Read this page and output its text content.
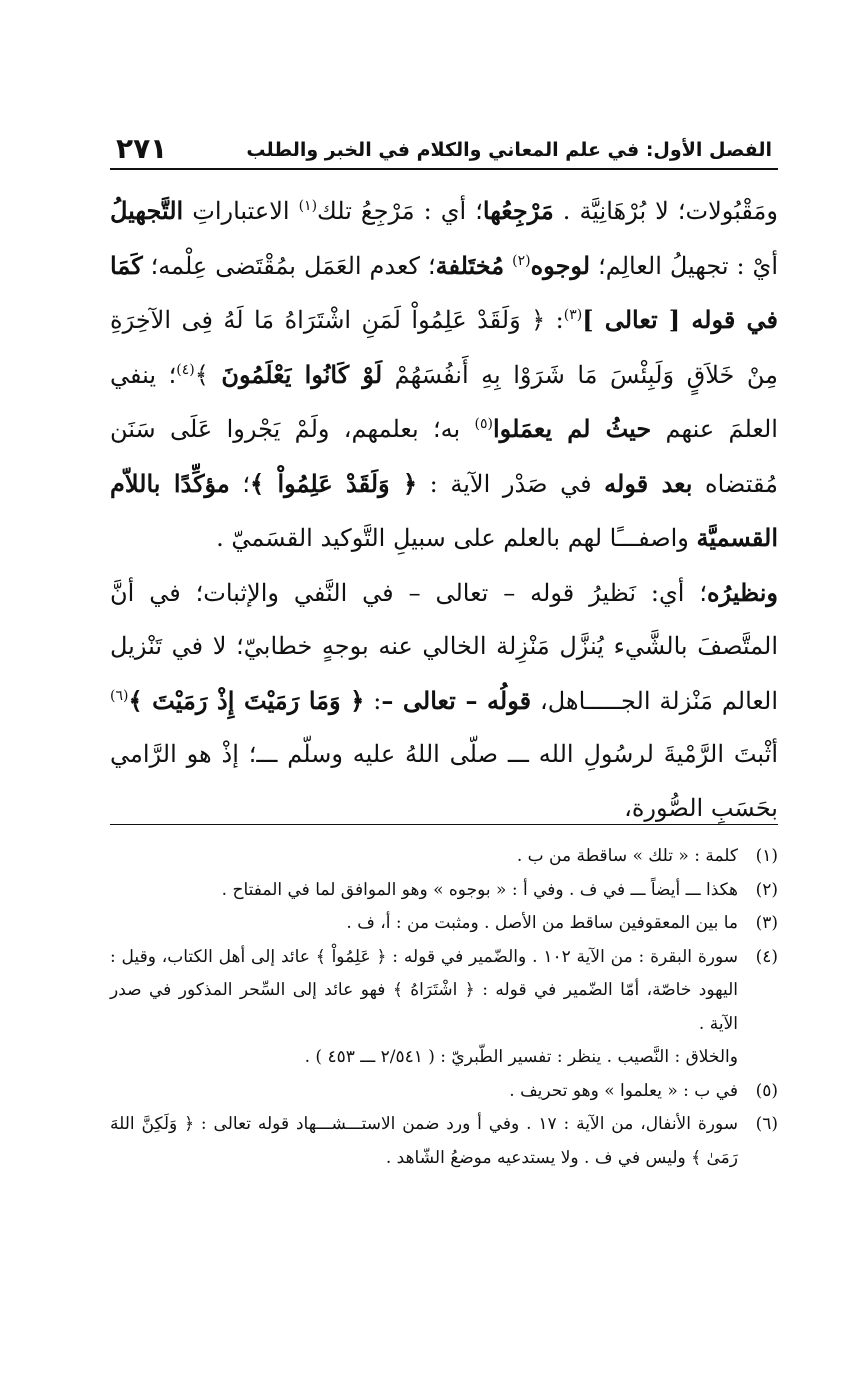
الفصل الأول: في علم المعاني والكلام في الخبر والطلب
٢٧١

ومَقْبُولات؛ لا بُرْهَانِيَّة . مَرْجِعُها؛ أي : مَرْجِعُ تلك$^{(١)}$ الاعتباراتِ التَّجهيلُ أيْ : تجهيلُ العالِم؛ لوجوه$^{(٢)}$ مُختَلفة؛ كعدم العَمَل بمُقْتَضى عِلْمه؛ كَمَا في قوله [ تعالى ]$^{(٣)}$: ﴿ وَلَقَدْ عَلِمُواْ لَمَنِ اشْتَرَاهُ مَا لَهُ فِى الآخِرَةِ مِنْ خَلاَقٍ وَلَبِئْسَ مَا شَرَوْا بِهِ أَنفُسَهُمْ لَوْ كَانُوا يَعْلَمُونَ ﴾$^{(٤)}$؛ ينفي العلمَ عنهم حيثُ لم يعمَلوا$^{(٥)}$ به؛ بعلمهم، ولَمْ يَجْروا عَلَى سَنَن مُقتضاه بعد قوله في صَدْر الآية : ﴿ وَلَقَدْ عَلِمُواْ ﴾؛ مؤكِّدًا باللاّم القسميَّة واصفـــًا لهم بالعلم على سبيلِ التَّوكيد القسَميّ .

ونظيرُه؛ أي: نَظيرُ قوله – تعالى – في النَّفي والإثبات؛ في أنَّ المتَّصفَ بالشَّيء يُنزَّل مَنْزِلة الخالي عنه بوجهٍ خطابيّ؛ لا في تَنْزيل العالم مَنْزلة الجـــــاهل، قولُه – تعالى –: ﴿ وَمَا رَمَيْتَ إِذْ رَمَيْتَ ﴾$^{(٦)}$ أثْبتَ الرَّمْيةَ لرسُولِ الله ـــ صلّى اللهُ عليه وسلّم ـــ؛ إذْ هو الرَّامي بحَسَبِ الصُّورة،

(١)
كلمة : « تلك » ساقطة من ب .
(٢)
هكذا ـــ أيضاً ـــ في ف . وفي أ : « بوجوه » وهو الموافق لما في المفتاح .
(٣)
ما بين المعقوفين ساقط من الأصل . ومثبت من : أ، ف .
(٤)
سورة البقرة : من الآية ١٠٢ . والضّمير في قوله : ﴿ عَلِمُواْ ﴾ عائد إلى أهل الكتاب، وقيل : اليهود خاصّة، أمّا الضّمير في قوله : ﴿ اشْتَرَاهُ ﴾ فهو عائد إلى السِّحر المذكور في صدر الآية .
والخلاق : النَّصيب . ينظر : تفسير الطّبريّ : ( ٢/٥٤١ ـــ ٤٥٣ ) .
(٥)
في ب : « يعلموا » وهو تحريف .
(٦)
سورة الأنفال، من الآية : ١٧ . وفي أ ورد ضمن الاستـــشـــهاد قوله تعالى : ﴿ وَلَكِنَّ اللهَ رَمَىٰ ﴾ وليس في ف . ولا يستدعيه موضعُ الشّاهد .
